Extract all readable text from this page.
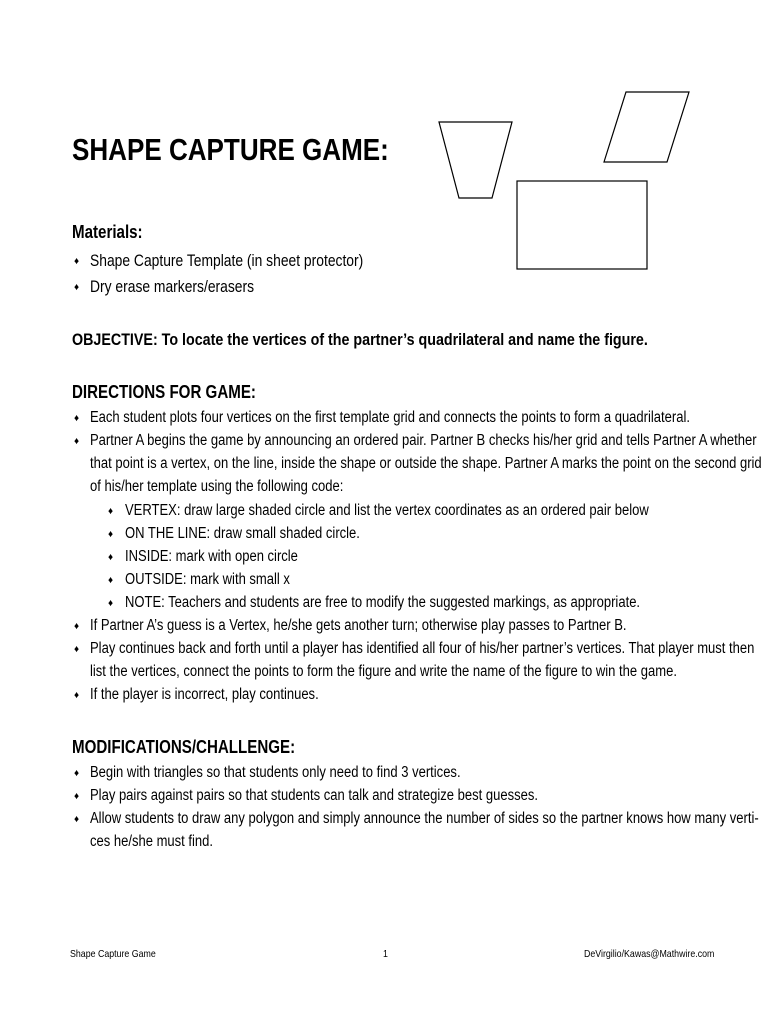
SHAPE CAPTURE GAME:
Materials:
♦ Shape Capture Template (in sheet protector)
♦ Dry erase markers/erasers
OBJECTIVE: To locate the vertices of the partner’s quadrilateral and name the figure.
DIRECTIONS FOR GAME:
♦ Each student plots four vertices on the first template grid and connects the points to form a quadrilateral.
♦ Partner A begins the game by announcing an ordered pair. Partner B checks his/her grid and tells Partner A whether
that point is a vertex, on the line, inside the shape or outside the shape. Partner A marks the point on the second grid
of his/her template using the following code:
♦ VERTEX: draw large shaded circle and list the vertex coordinates as an ordered pair below
♦ ON THE LINE: draw small shaded circle.
♦ INSIDE: mark with open circle
♦ OUTSIDE: mark with small x
♦ NOTE: Teachers and students are free to modify the suggested markings, as appropriate.
♦ If Partner A’s guess is a Vertex, he/she gets another turn; otherwise play passes to Partner B.
♦ Play continues back and forth until a player has identified all four of his/her partner’s vertices. That player must then
list the vertices, connect the points to form the figure and write the name of the figure to win the game.
♦ If the player is incorrect, play continues.
MODIFICATIONS/CHALLENGE:
♦ Begin with triangles so that students only need to find 3 vertices.
♦ Play pairs against pairs so that students can talk and strategize best guesses.
♦ Allow students to draw any polygon and simply announce the number of sides so the partner knows how many verti-
ces he/she must find.
Shape Capture Game	1	DeVirgilio/Kawas@Mathwire.com
